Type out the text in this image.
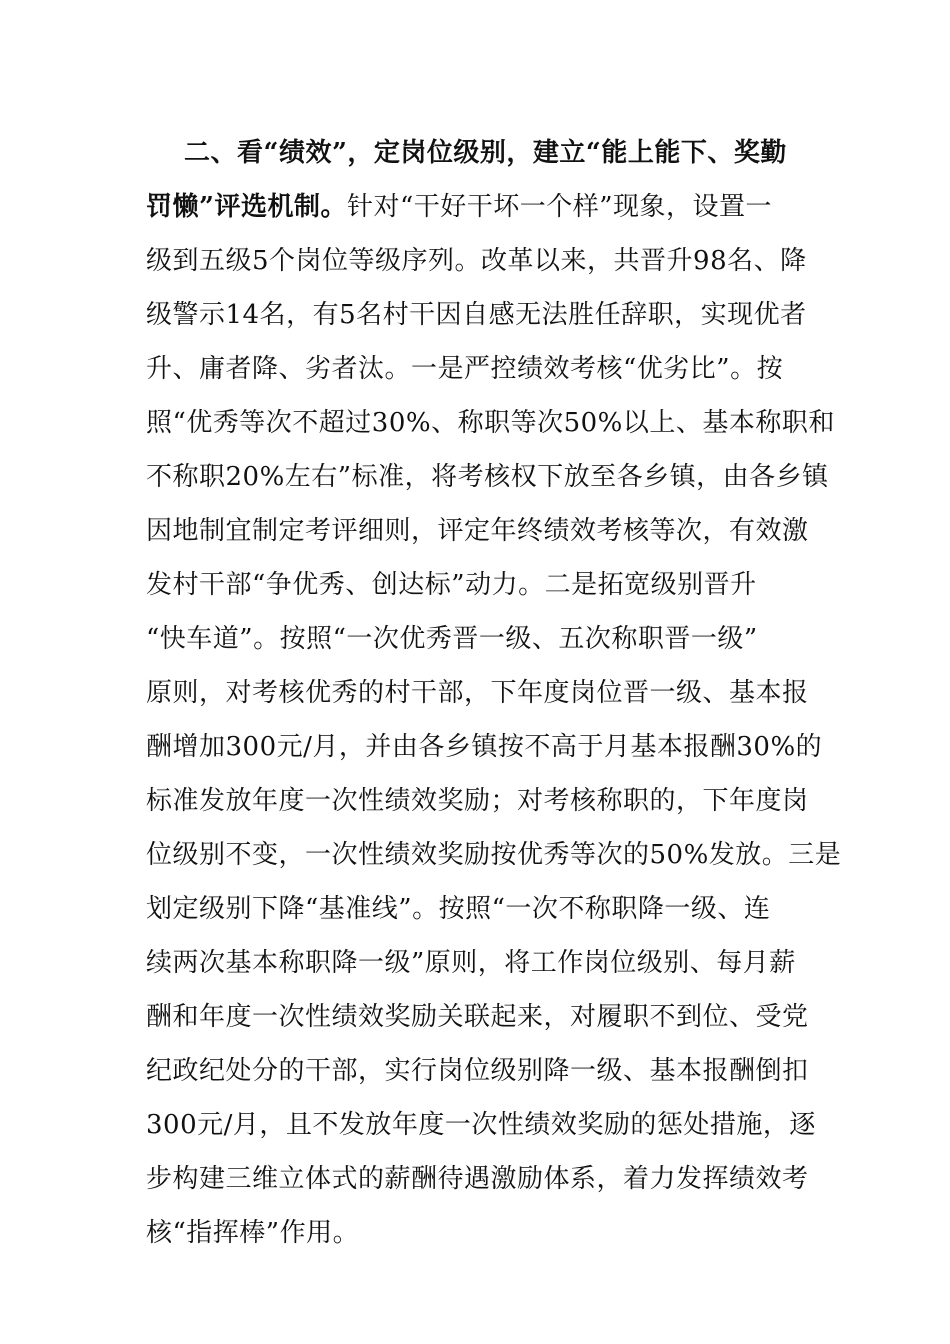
二、看“绩效”，定岗位级别，建立“能上能下、奖勤
罚懒”评选机制。针对“干好干坏一个样”现象，设置一
级到五级5个岗位等级序列。改革以来，共晋升98名、降
级警示14名，有5名村干因自感无法胜任辞职，实现优者
升、庸者降、劣者汰。一是严控绩效考核“优劣比”。按
照“优秀等次不超过30%、称职等次50%以上、基本称职和
不称职20%左右”标准，将考核权下放至各乡镇，由各乡镇
因地制宜制定考评细则，评定年终绩效考核等次，有效激
发村干部“争优秀、创达标”动力。二是拓宽级别晋升
“快车道”。按照“一次优秀晋一级、五次称职晋一级”
原则，对考核优秀的村干部，下年度岗位晋一级、基本报
酬增加300元/月，并由各乡镇按不高于月基本报酬30%的
标准发放年度一次性绩效奖励；对考核称职的，下年度岗
位级别不变，一次性绩效奖励按优秀等次的50%发放。三是
划定级别下降“基准线”。按照“一次不称职降一级、连
续两次基本称职降一级”原则，将工作岗位级别、每月薪
酬和年度一次性绩效奖励关联起来，对履职不到位、受党
纪政纪处分的干部，实行岗位级别降一级、基本报酬倒扣
300元/月，且不发放年度一次性绩效奖励的惩处措施，逐
步构建三维立体式的薪酬待遇激励体系，着力发挥绩效考
核“指挥棒”作用。
